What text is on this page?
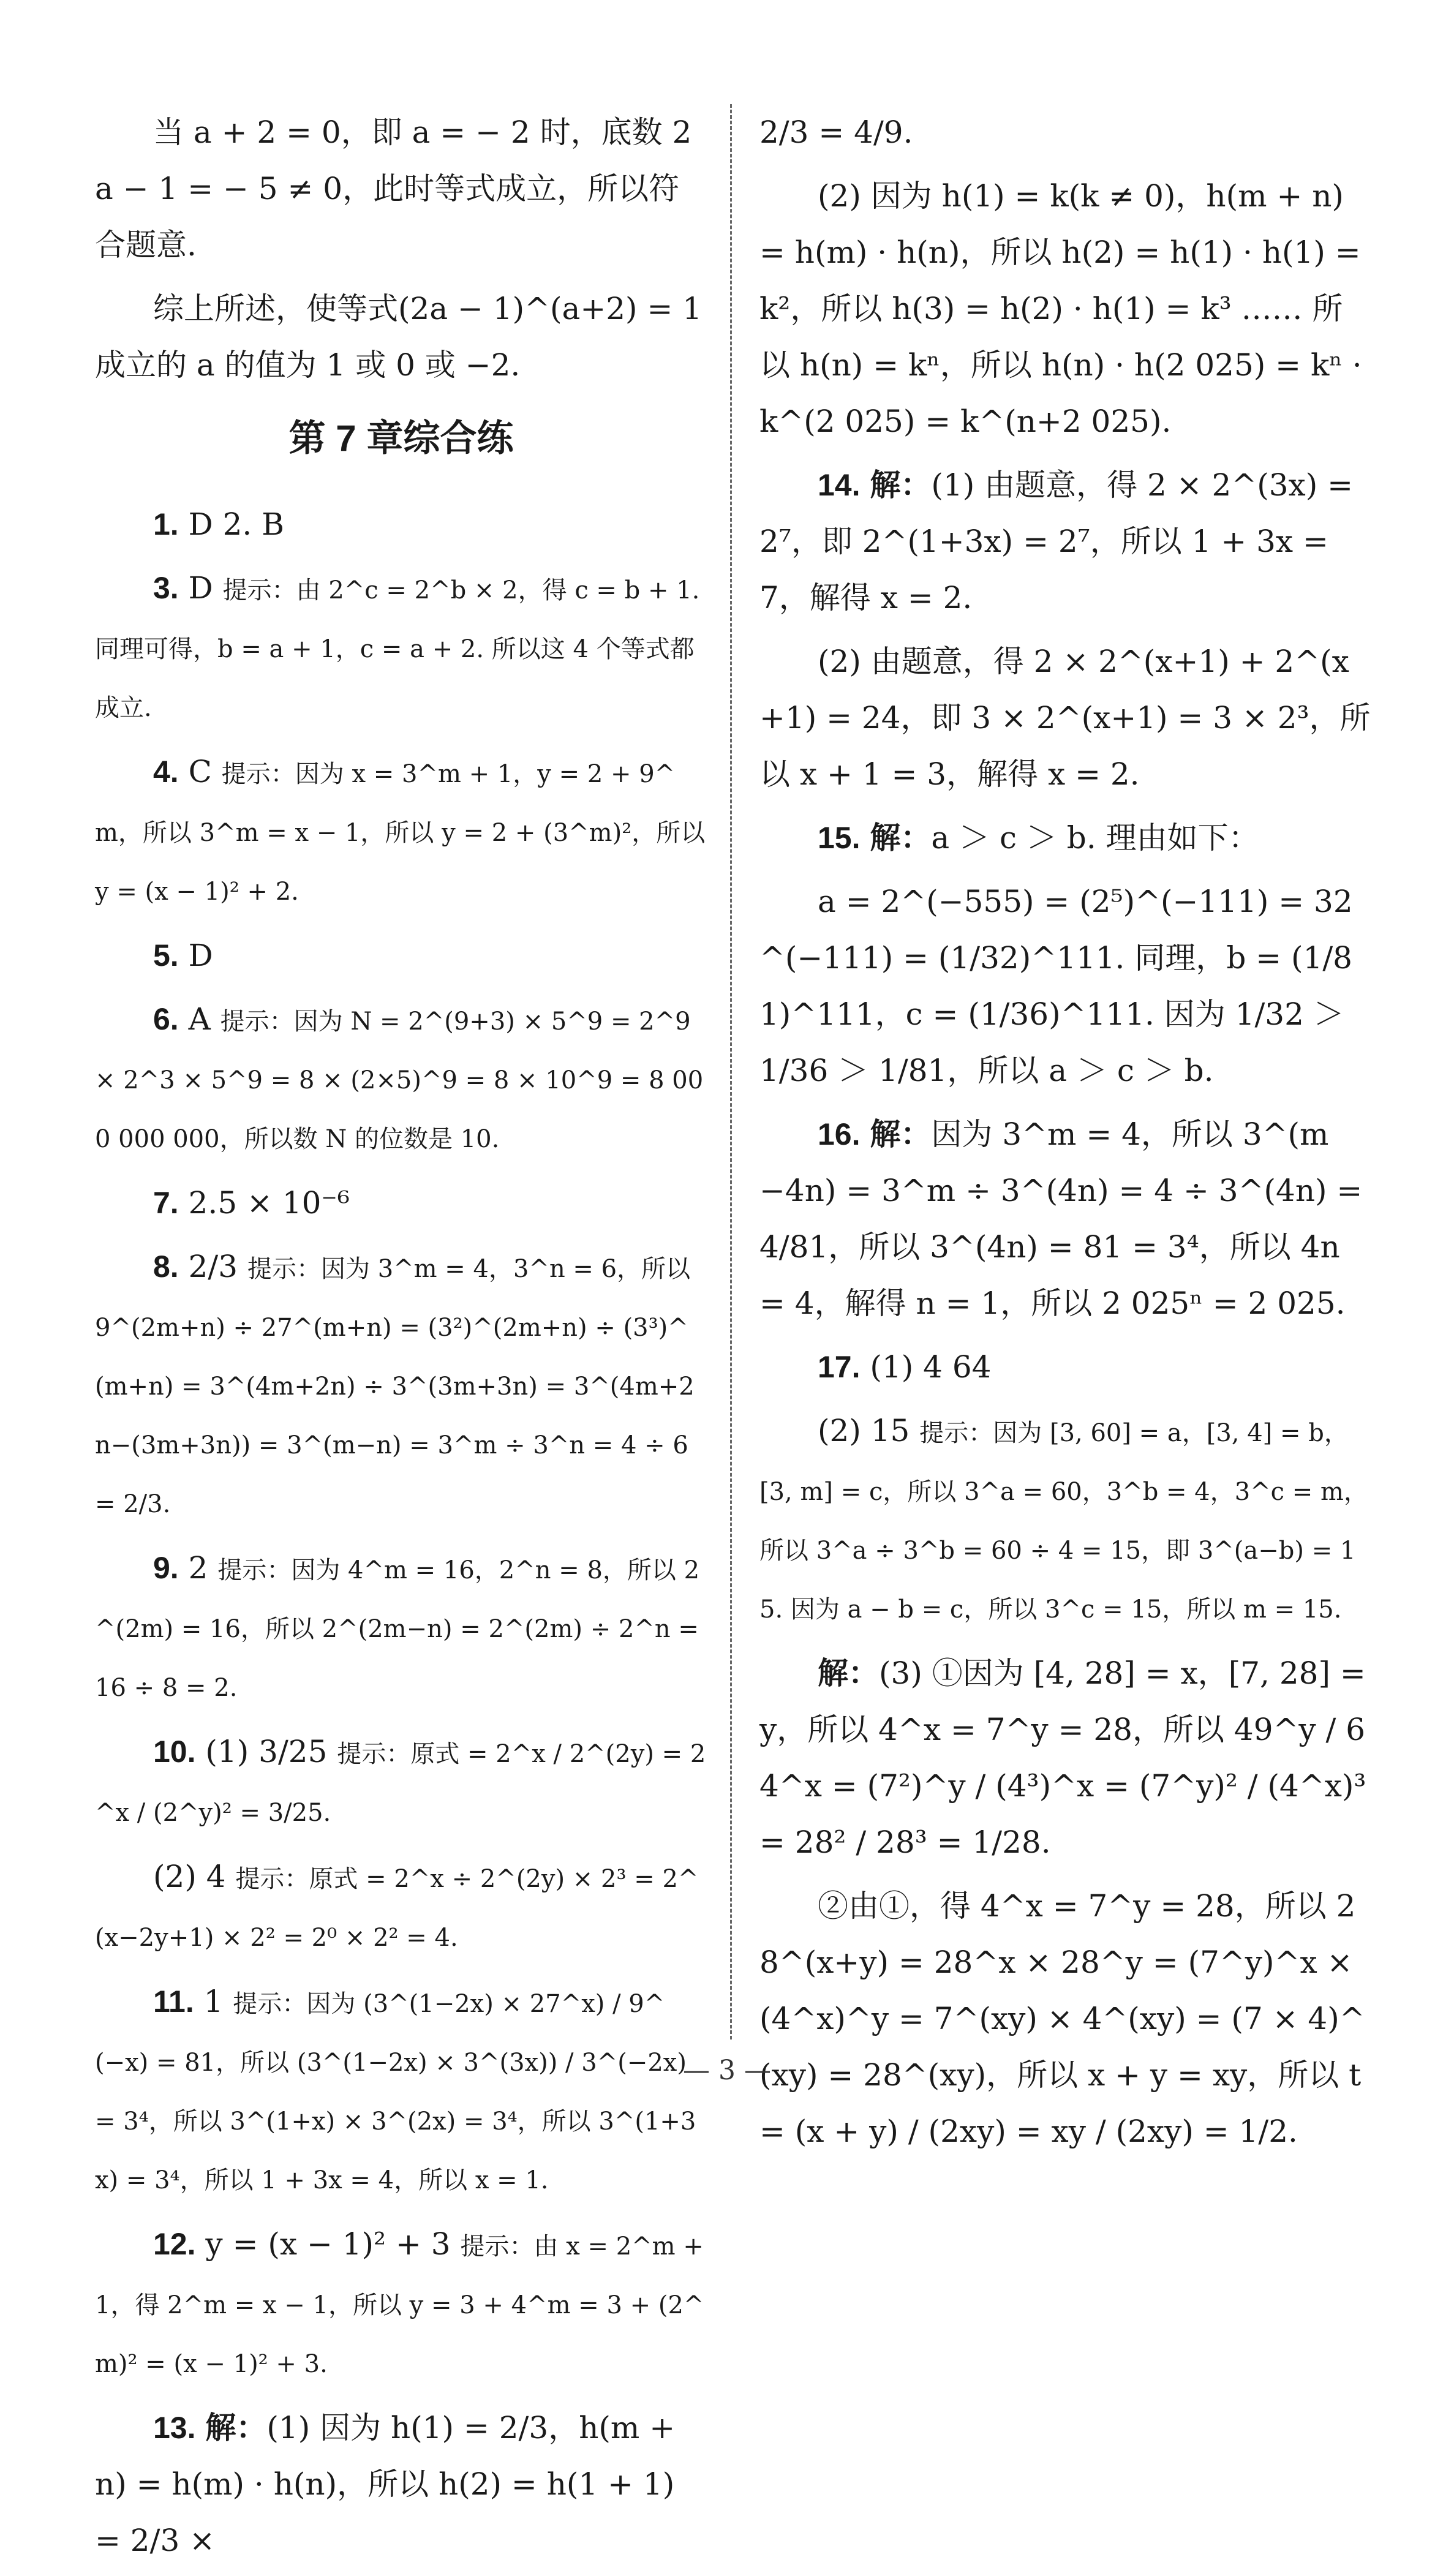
当 a + 2 = 0，即 a = − 2 时，底数 2a − 1 = − 5 ≠ 0，此时等式成立，所以符合题意.
综上所述，使等式(2a − 1)^(a+2) = 1 成立的 a 的值为 1 或 0 或 −2.
第 7 章综合练
1. D 2. B
3. D 提示：由 2^c = 2^b × 2，得 c = b + 1. 同理可得，b = a + 1，c = a + 2. 所以这 4 个等式都成立.
4. C 提示：因为 x = 3^m + 1，y = 2 + 9^m，所以 3^m = x − 1，所以 y = 2 + (3^m)²，所以 y = (x − 1)² + 2.
5. D
6. A 提示：因为 N = 2^(9+3) × 5^9 = 2^9 × 2^3 × 5^9 = 8 × (2×5)^9 = 8 × 10^9 = 8 000 000 000，所以数 N 的位数是 10.
7. 2.5 × 10⁻⁶
8. 2/3 提示：因为 3^m = 4，3^n = 6，所以 9^(2m+n) ÷ 27^(m+n) = (3²)^(2m+n) ÷ (3³)^(m+n) = 3^(4m+2n) ÷ 3^(3m+3n) = 3^(4m+2n−(3m+3n)) = 3^(m−n) = 3^m ÷ 3^n = 4 ÷ 6 = 2/3.
9. 2 提示：因为 4^m = 16，2^n = 8，所以 2^(2m) = 16，所以 2^(2m−n) = 2^(2m) ÷ 2^n = 16 ÷ 8 = 2.
10. (1) 3/25 提示：原式 = 2^x / 2^(2y) = 2^x / (2^y)² = 3/25.
(2) 4 提示：原式 = 2^x ÷ 2^(2y) × 2³ = 2^(x−2y+1) × 2² = 2⁰ × 2² = 4.
11. 1 提示：因为 (3^(1−2x) × 27^x) / 9^(−x) = 81，所以 (3^(1−2x) × 3^(3x)) / 3^(−2x) = 3⁴，所以 3^(1+x) × 3^(2x) = 3⁴，所以 3^(1+3x) = 3⁴，所以 1 + 3x = 4，所以 x = 1.
12. y = (x − 1)² + 3 提示：由 x = 2^m + 1，得 2^m = x − 1，所以 y = 3 + 4^m = 3 + (2^m)² = (x − 1)² + 3.
13. 解：(1) 因为 h(1) = 2/3，h(m + n) = h(m) · h(n)，所以 h(2) = h(1 + 1) = 2/3 ×
2/3 = 4/9.
(2) 因为 h(1) = k(k ≠ 0)，h(m + n) = h(m) · h(n)，所以 h(2) = h(1) · h(1) = k²，所以 h(3) = h(2) · h(1) = k³ …… 所以 h(n) = kⁿ，所以 h(n) · h(2 025) = kⁿ · k^(2 025) = k^(n+2 025).
14. 解：(1) 由题意，得 2 × 2^(3x) = 2⁷，即 2^(1+3x) = 2⁷，所以 1 + 3x = 7，解得 x = 2.
(2) 由题意，得 2 × 2^(x+1) + 2^(x+1) = 24，即 3 × 2^(x+1) = 3 × 2³，所以 x + 1 = 3，解得 x = 2.
15. 解：a ＞ c ＞ b. 理由如下：
a = 2^(−555) = (2⁵)^(−111) = 32^(−111) = (1/32)^111. 同理，b = (1/81)^111，c = (1/36)^111. 因为 1/32 ＞ 1/36 ＞ 1/81，所以 a ＞ c ＞ b.
16. 解：因为 3^m = 4，所以 3^(m−4n) = 3^m ÷ 3^(4n) = 4 ÷ 3^(4n) = 4/81，所以 3^(4n) = 81 = 3⁴，所以 4n = 4，解得 n = 1，所以 2 025ⁿ = 2 025.
17. (1) 4 64
(2) 15 提示：因为 [3, 60] = a，[3, 4] = b，[3, m] = c，所以 3^a = 60，3^b = 4，3^c = m，所以 3^a ÷ 3^b = 60 ÷ 4 = 15，即 3^(a−b) = 15. 因为 a − b = c，所以 3^c = 15，所以 m = 15.
解：(3) ①因为 [4, 28] = x，[7, 28] = y，所以 4^x = 7^y = 28，所以 49^y / 64^x = (7²)^y / (4³)^x = (7^y)² / (4^x)³ = 28² / 28³ = 1/28.
②由①，得 4^x = 7^y = 28，所以 28^(x+y) = 28^x × 28^y = (7^y)^x × (4^x)^y = 7^(xy) × 4^(xy) = (7 × 4)^(xy) = 28^(xy)，所以 x + y = xy，所以 t = (x + y) / (2xy) = xy / (2xy) = 1/2.
— 3 —
